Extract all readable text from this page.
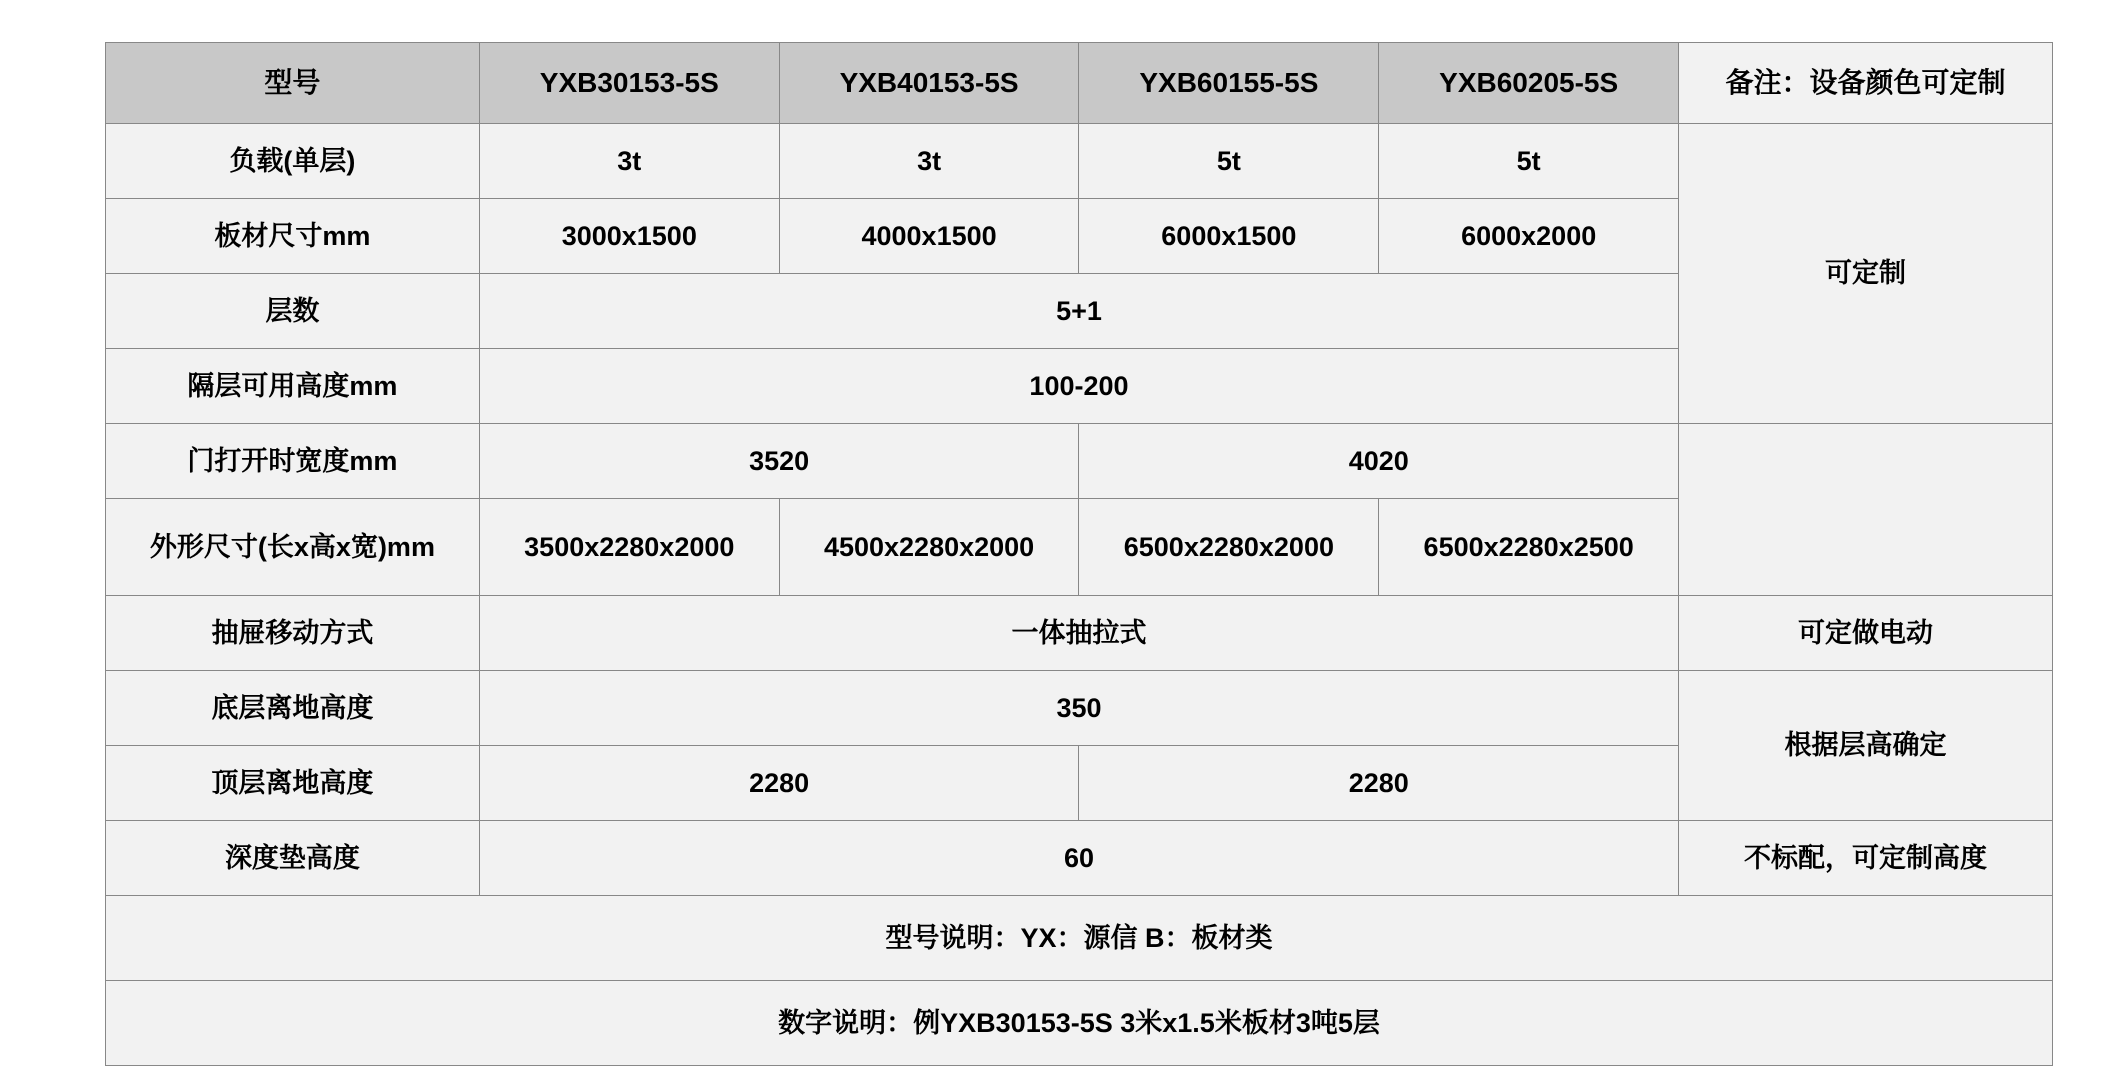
型号	YXB30153-5S	YXB40153-5S	YXB60155-5S	YXB60205-5S	备注：设备颜色可定制
负载(单层)	3t	3t	5t	5t	可定制
板材尺寸mm	3000x1500	4000x1500	6000x1500	6000x2000	
层数	5+1				
隔层可用高度mm	100-200				
门打开时宽度mm	3520		4020		
外形尺寸(长x高x宽)mm	3500x2280x2000	4500x2280x2000	6500x2280x2000	6500x2280x2500	
抽屉移动方式	一体抽拉式				可定做电动
底层离地高度	350				根据层高确定
顶层离地高度	2280		2280		
深度垫高度	60				不标配，可定制高度
型号说明：YX：源信 B：板材类					
数字说明：例YXB30153-5S 3米x1.5米板材3吨5层					
